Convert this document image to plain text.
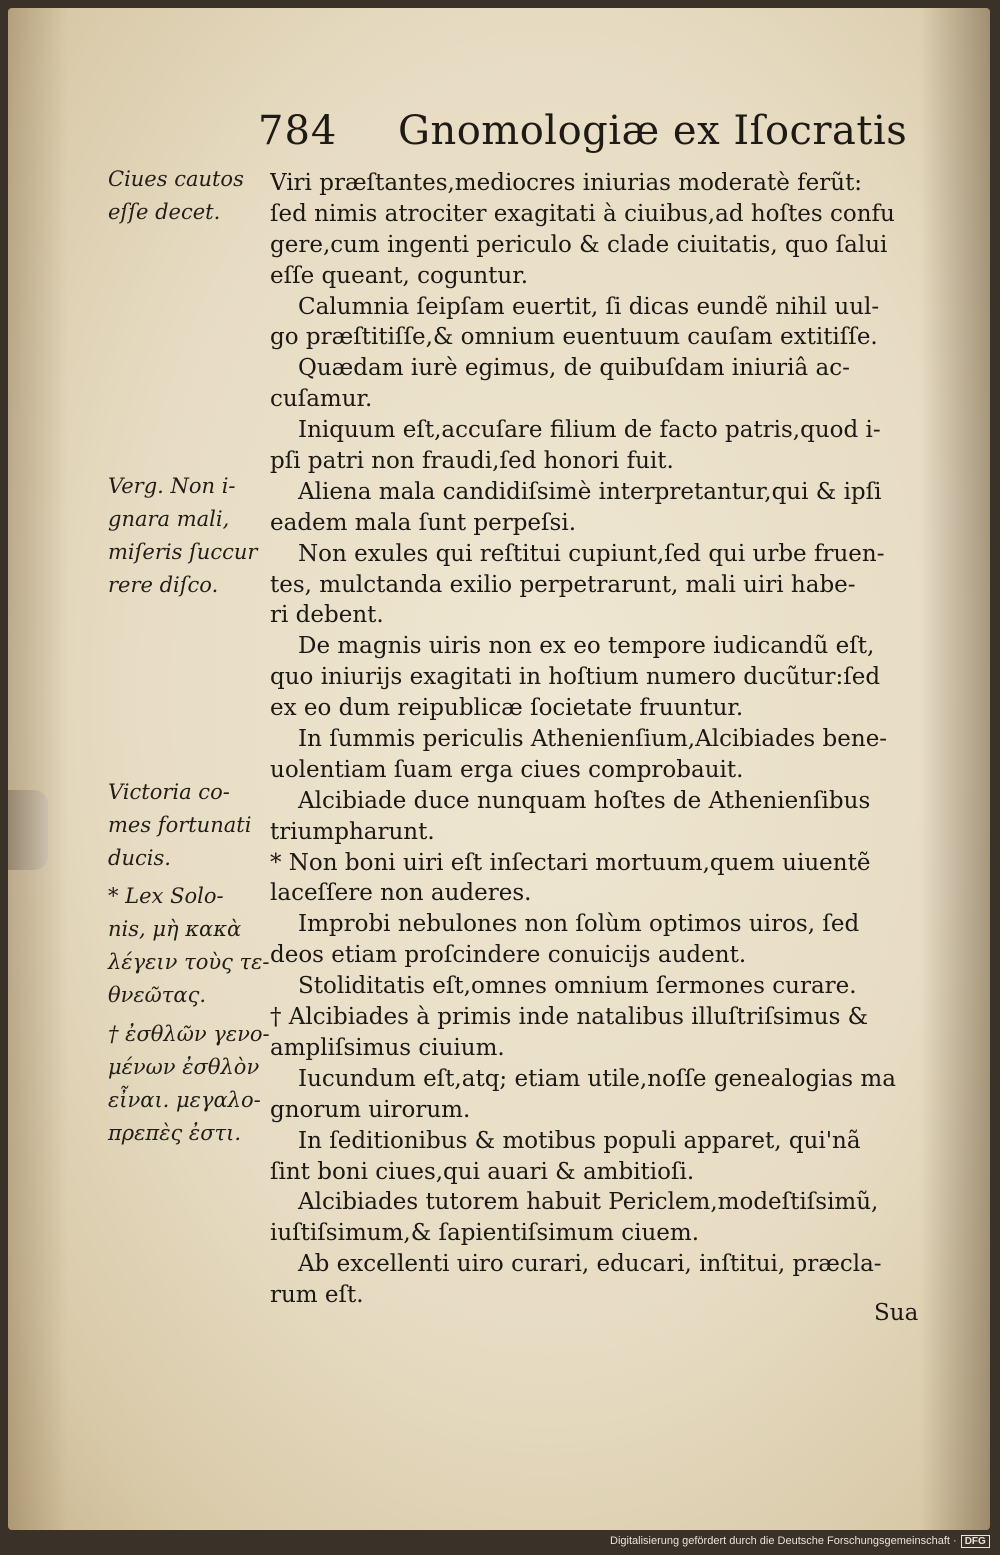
784 Gnomologiæ ex Iſocratis
Viri præſtantes,mediocres iniurias moderatè ferũt:
ſed nimis atrociter exagitati à ciuibus,ad hoſtes confu
gere,cum ingenti periculo & clade ciuitatis, quo ſalui
eſſe queant, coguntur.
Calumnia ſeipſam euertit, ſi dicas eundẽ nihil uul-
go præſtitiſſe,& omnium euentuum cauſam extitiſſe.
Quædam iurè egimus, de quibuſdam iniuriâ ac-
cuſamur.
Iniquum eſt,accuſare filium de facto patris,quod i-
pſi patri non fraudi,ſed honori fuit.
Aliena mala candidiſsimè interpretantur,qui & ipſi
eadem mala ſunt perpeſsi.
Non exules qui reſtitui cupiunt,ſed qui urbe fruen-
tes, mulctanda exilio perpetrarunt, mali uiri habe-
ri debent.
De magnis uiris non ex eo tempore iudicandũ eſt,
quo iniurijs exagitati in hoſtium numero ducũtur:ſed
ex eo dum reipublicæ ſocietate fruuntur.
In ſummis periculis Athenienſium,Alcibiades bene-
uolentiam ſuam erga ciues comprobauit.
Alcibiade duce nunquam hoſtes de Athenienſibus
triumpharunt.
* Non boni uiri eſt inſectari mortuum,quem uiuentẽ
laceſſere non auderes.
Improbi nebulones non ſolùm optimos uiros, ſed
deos etiam proſcindere conuicijs audent.
Stoliditatis eſt,omnes omnium ſermones curare.
† Alcibiades à primis inde natalibus illuſtriſsimus &
ampliſsimus ciuium.
Iucundum eſt,atq; etiam utile,noſſe genealogias ma
gnorum uirorum.
In ſeditionibus & motibus populi apparet, qui'nã
ſint boni ciues,qui auari & ambitioſi.
Alcibiades tutorem habuit Periclem,modeſtiſsimũ,
iuſtiſsimum,& ſapientiſsimum ciuem.
Ab excellenti uiro curari, educari, inſtitui, præcla-
rum eſt.
Sua
Ciues cautos
eſſe decet.
Verg. Non i-
gnara mali,
miſeris ſuccur
rere diſco.
Victoria co-
mes fortunati
ducis.
* Lex Solo-
nis, μὴ κακὰ
λέγειν τοὺς τε-
θνεῶτας.
† ἐσθλῶν γενο-
μένων ἐσθλὸν
εἶναι. μεγαλο-
πρεπὲς ἐστι.
Digitalisierung gefördert durch die Deutsche Forschungsgemeinschaft · DFG
